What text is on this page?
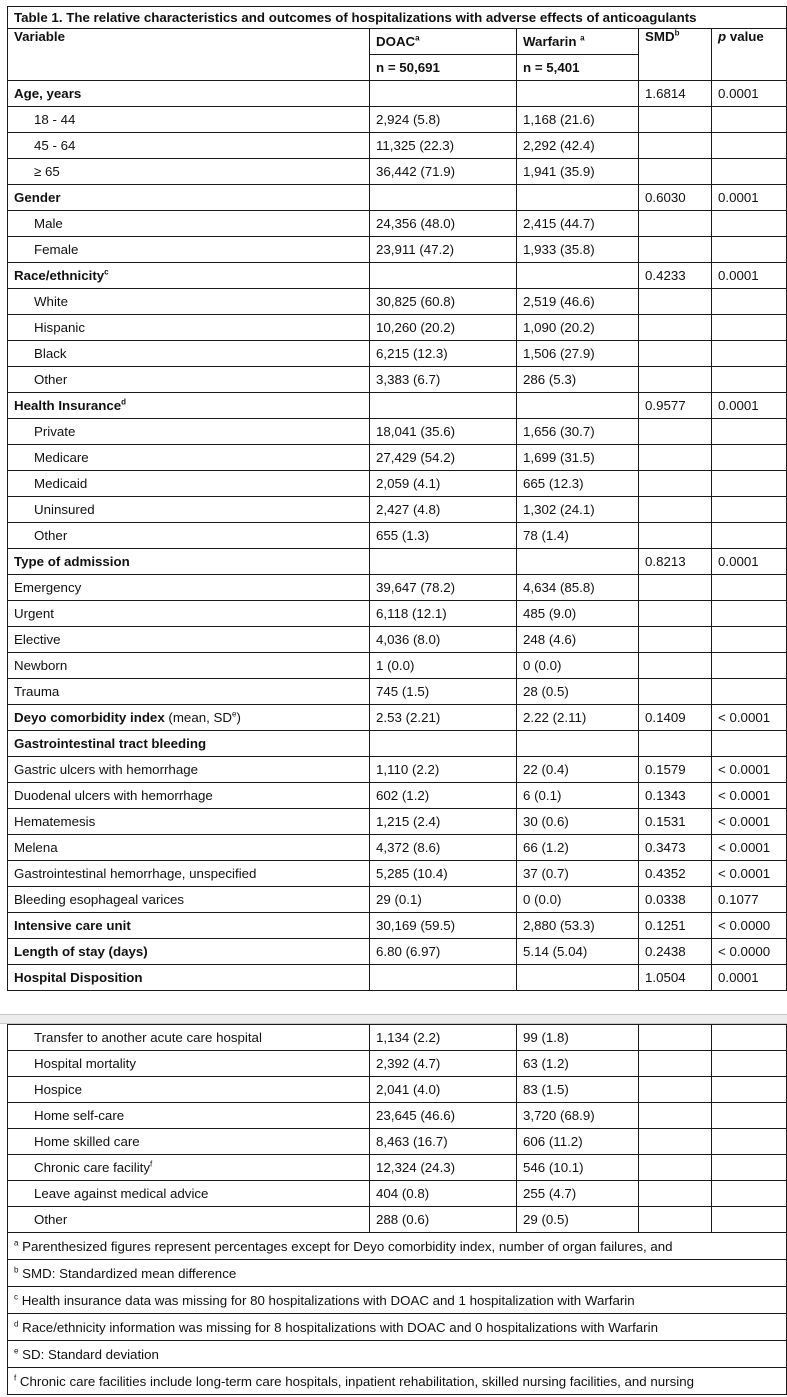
Table 1. The relative characteristics and outcomes of hospitalizations with adverse effects of anticoagulants				
Variable	DOAC$^a$	Warfarin $^a$	SMD$^b$	p value
	n = 50,691	n = 5,401		
Age, years			1.6814	0.0001
18 - 44	2,924 (5.8)	1,168 (21.6)		
45 - 64	11,325 (22.3)	2,292 (42.4)		
≥ 65	36,442 (71.9)	1,941 (35.9)		
Gender			0.6030	0.0001
Male	24,356 (48.0)	2,415 (44.7)		
Female	23,911 (47.2)	1,933 (35.8)		
Race/ethnicity$^c$			0.4233	0.0001
White	30,825 (60.8)	2,519 (46.6)		
Hispanic	10,260 (20.2)	1,090 (20.2)		
Black	6,215 (12.3)	1,506 (27.9)		
Other	3,383 (6.7)	286 (5.3)		
Health Insurance$^d$			0.9577	0.0001
Private	18,041 (35.6)	1,656 (30.7)		
Medicare	27,429 (54.2)	1,699 (31.5)		
Medicaid	2,059 (4.1)	665 (12.3)		
Uninsured	2,427 (4.8)	1,302 (24.1)		
Other	655 (1.3)	78 (1.4)		
Type of admission			0.8213	0.0001
Emergency	39,647 (78.2)	4,634 (85.8)		
Urgent	6,118 (12.1)	485 (9.0)		
Elective	4,036 (8.0)	248 (4.6)		
Newborn	1 (0.0)	0 (0.0)		
Trauma	745 (1.5)	28 (0.5)		
Deyo comorbidity index (mean, $SD^e$)	2.53 (2.21)	2.22 (2.11)	0.1409	< 0.0001
Gastrointestinal tract bleeding				
Gastric ulcers with hemorrhage	1,110 (2.2)	22 (0.4)	0.1579	< 0.0001
Duodenal ulcers with hemorrhage	602 (1.2)	6 (0.1)	0.1343	< 0.0001
Hematemesis	1,215 (2.4)	30 (0.6)	0.1531	< 0.0001
Melena	4,372 (8.6)	66 (1.2)	0.3473	< 0.0001
Gastrointestinal hemorrhage, unspecified	5,285 (10.4)	37 (0.7)	0.4352	< 0.0001
Bleeding esophageal varices	29 (0.1)	0 (0.0)	0.0338	0.1077
Intensive care unit	30,169 (59.5)	2,880 (53.3)	0.1251	< 0.0000
Length of stay (days)	6.80 (6.97)	5.14 (5.04)	0.2438	< 0.0000
Hospital Disposition			1.0504	0.0001
Transfer to another acute care hospital	1,134 (2.2)	99 (1.8)		
Hospital mortality	2,392 (4.7)	63 (1.2)		
Hospice	2,041 (4.0)	83 (1.5)		
Home self-care	23,645 (46.6)	3,720 (68.9)		
Home skilled care	8,463 (16.7)	606 (11.2)		
Chronic care facility$^f$	12,324 (24.3)	546 (10.1)		
Leave against medical advice	404 (0.8)	255 (4.7)		
Other	288 (0.6)	29 (0.5)		
$^a$ Parenthesized figures represent percentages except for Deyo comorbidity index, number of organ failures, and				
$^b$ SMD: Standardized mean difference				
$^c$ Health insurance data was missing for 80 hospitalizations with DOAC and 1 hospitalization with Warfarin				
$^d$ Race/ethnicity information was missing for 8 hospitalizations with DOAC and 0 hospitalizations with Warfarin				
$^e$ SD: Standard deviation				
$^f$ Chronic care facilities include long-term care hospitals, inpatient rehabilitation, skilled nursing facilities, and nursing				
